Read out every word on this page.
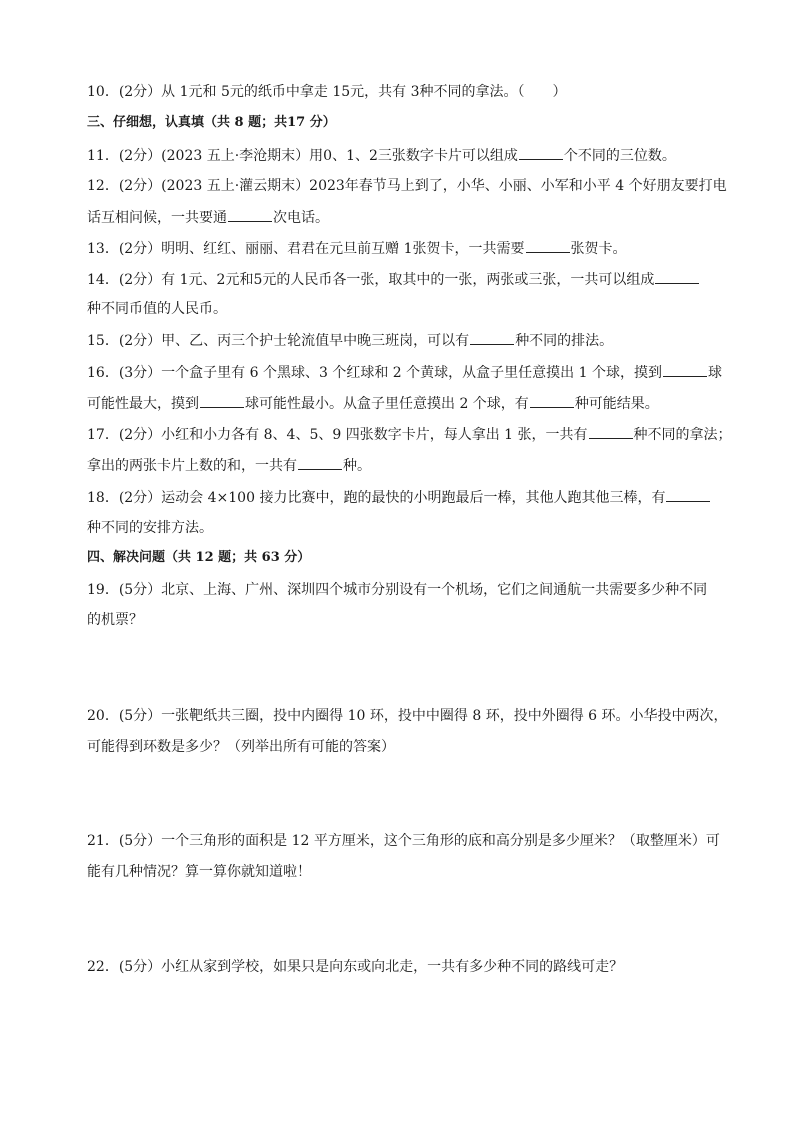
10．(2分）从 1元和 5元的纸币中拿走 15元，共有 3种不同的拿法。（　　）
三、仔细想，认真填（共 8 题；共17 分）
11．(2分）(2023 五上·李沧期末）用0、1、2三张数字卡片可以组成	个不同的三位数。
12．(2分）(2023 五上·灌云期末）2023年春节马上到了，小华、小丽、小军和小平 4 个好朋友要打电
话互相问候，一共要通	次电话。
13．(2分）明明、红红、丽丽、君君在元旦前互赠 1张贺卡，一共需要	张贺卡。
14．(2分）有 1元、2元和5元的人民币各一张，取其中的一张，两张或三张，一共可以组成
种不同币值的人民币。
15．(2分）甲、乙、丙三个护士轮流值早中晚三班岗，可以有	种不同的排法。
16．(3分）一个盒子里有 6 个黑球、3 个红球和 2 个黄球，从盒子里任意摸出 1 个球，摸到	球
可能性最大，摸到	球可能性最小。从盒子里任意摸出 2 个球，有	种可能结果。
17．(2分）小红和小力各有 8、4、5、9 四张数字卡片，每人拿出 1 张，一共有	种不同的拿法；
拿出的两张卡片上数的和，一共有	种。
18．(2分）运动会 4×100 接力比赛中，跑的最快的小明跑最后一棒，其他人跑其他三棒，有
种不同的安排方法。
四、解决问题（共 12 题；共 63 分）
19．(5分）北京、上海、广州、深圳四个城市分别设有一个机场，它们之间通航一共需要多少种不同
的机票？
20．(5分）一张靶纸共三圈，投中内圈得 10 环，投中中圈得 8 环，投中外圈得 6 环。小华投中两次，
可能得到环数是多少？（列举出所有可能的答案）
21．(5分）一个三角形的面积是 12 平方厘米，这个三角形的底和高分别是多少厘米？（取整厘米）可
能有几种情况？算一算你就知道啦！
22．(5分）小红从家到学校，如果只是向东或向北走，一共有多少种不同的路线可走？
